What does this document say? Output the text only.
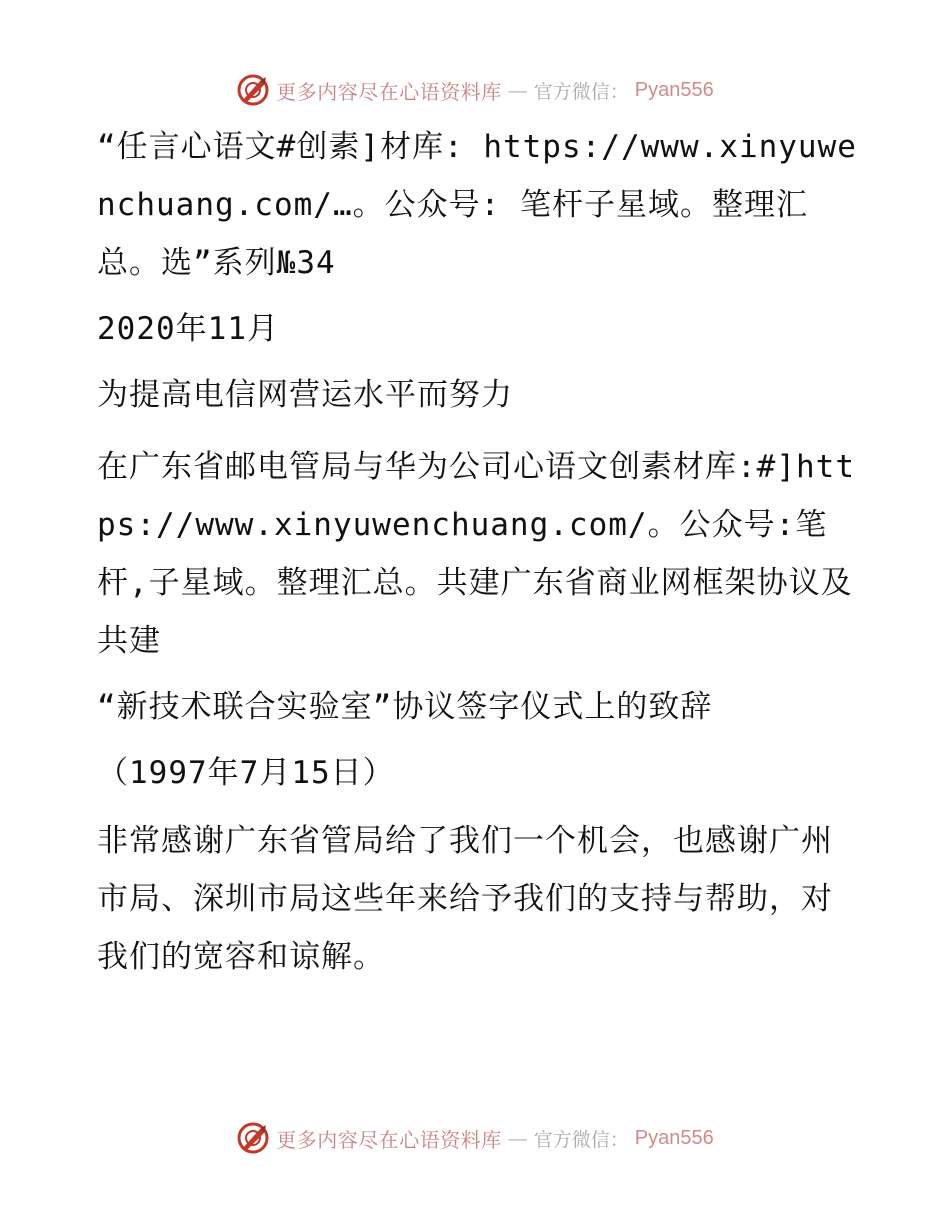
更多内容尽在心语资料库 — 官方微信： Pyan556

“任言心语文#创素]材库: https://www.xinyuwenchuang.com/…。公众号: 笔杆子星域。整理汇总。选”系列№34

2020年11月

为提高电信网营运水平而努力

在广东省邮电管局与华为公司心语文创素材库:#]https://www.xinyuwenchuang.com/。公众号:笔杆,子星域。整理汇总。共建广东省商业网框架协议及共建

“新技术联合实验室”协议签字仪式上的致辞

（1997年7月15日）

非常感谢广东省管局给了我们一个机会，也感谢广州市局、深圳市局这些年来给予我们的支持与帮助，对我们的宽容和谅解。

更多内容尽在心语资料库 — 官方微信： Pyan556
